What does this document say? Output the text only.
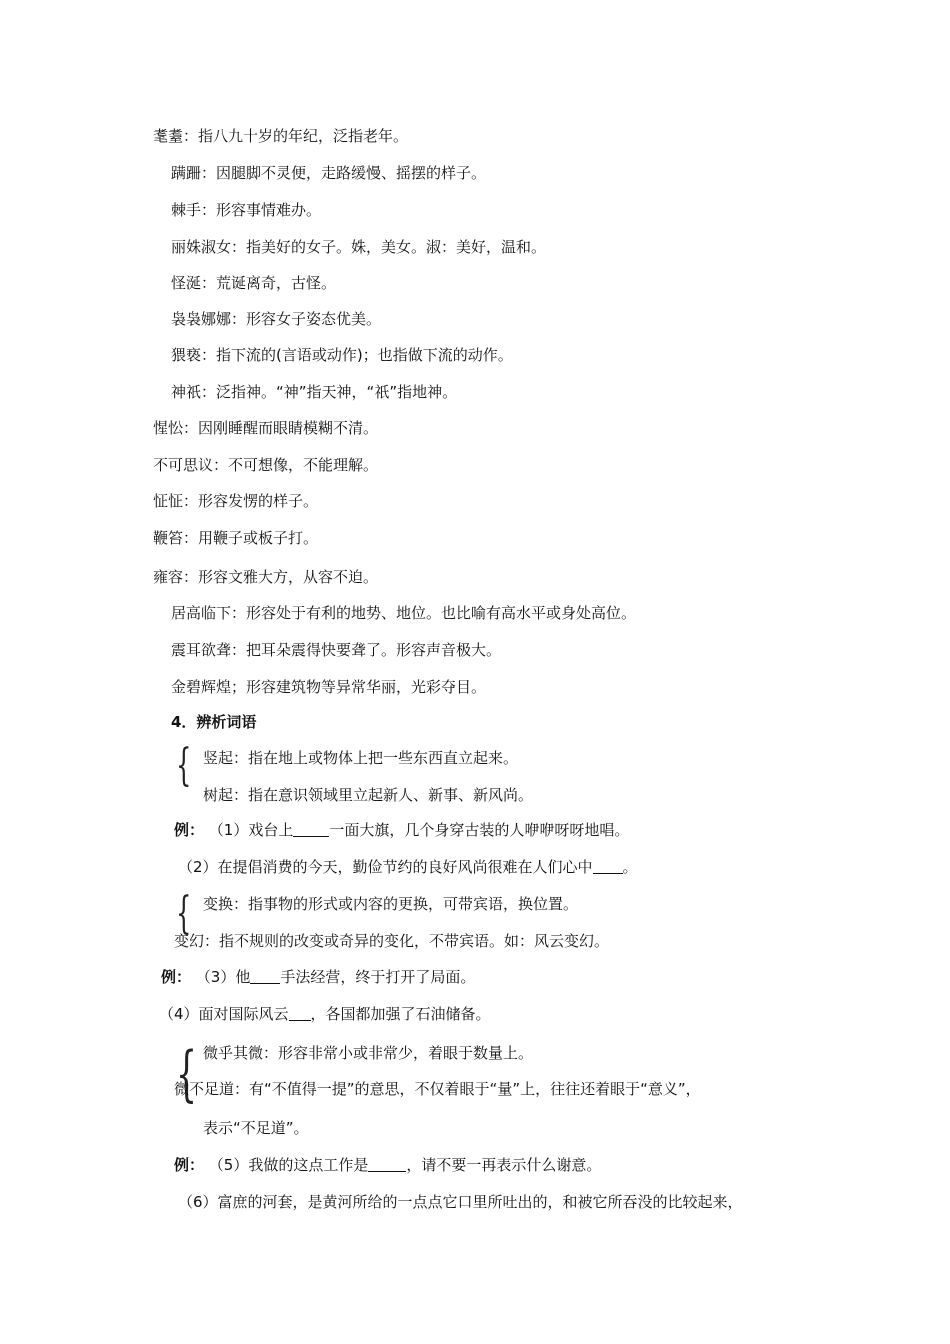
耄耋：指八九十岁的年纪，泛指老年。
蹒跚：因腿脚不灵便，走路缓慢、摇摆的样子。
棘手：形容事情难办。
丽姝淑女：指美好的女子。姝，美女。淑：美好，温和。
怪涎：荒诞离奇，古怪。
袅袅娜娜：形容女子姿态优美。
猥亵：指下流的(言语或动作)；也指做下流的动作。
神祇：泛指神。“神”指天神，“祇”指地神。
惺忪：因刚睡醒而眼睛模糊不清。
不可思议：不可想像，不能理解。
怔怔：形容发愣的样子。
鞭笞：用鞭子或板子打。
雍容：形容文雅大方，从容不迫。
居高临下：形容处于有利的地势、地位。也比喻有高水平或身处高位。
震耳欲聋：把耳朵震得快要聋了。形容声音极大。
金碧辉煌；形容建筑物等异常华丽，光彩夺目。
4．辨析词语
{ 竖起：指在地上或物体上把一些东西直立起来。
树起：指在意识领域里立起新人、新事、新风尚。
例： （1）戏台上 一面大旗，几个身穿古装的人咿咿呀呀地唱。
（2）在提倡消费的今天，勤俭节约的良好风尚很难在人们心中 。
{ 变换：指事物的形式或内容的更换，可带宾语，换位置。
变幻：指不规则的改变或奇异的变化，不带宾语。如：风云变幻。
例： （3）他 手法经营，终于打开了局面。
（4）面对国际风云 ，各国都加强了石油储备。
{ 微乎其微：形容非常小或非常少，着眼于数量上。
微不足道：有“不值得一提”的意思，不仅着眼于“量”上，往往还着眼于“意义”，
表示“不足道”。
例： （5）我做的这点工作是	，请不要一再表示什么谢意。
（6）富庶的河套，是黄河所给的一点点它口里所吐出的，和被它所吞没的比较起来，
